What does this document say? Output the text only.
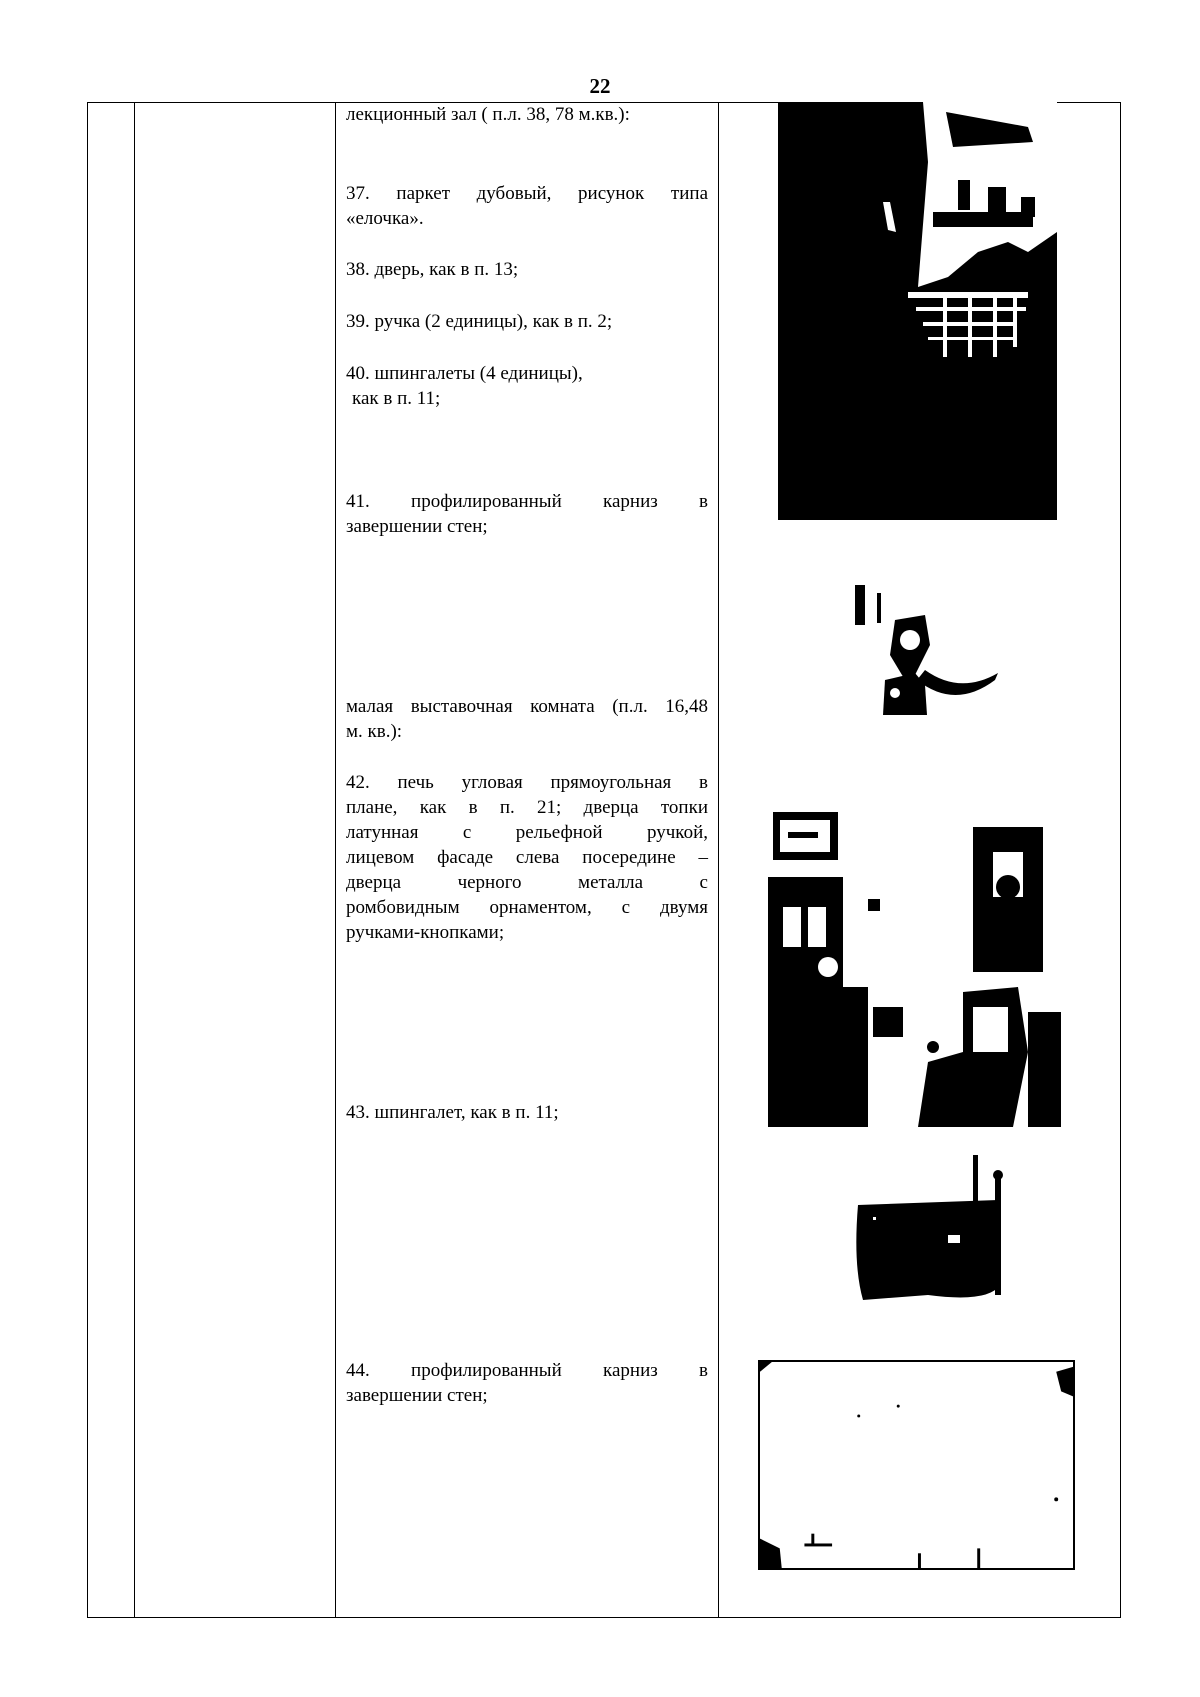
22
лекционный зал ( п.л. 38, 78 м.кв.):
37. паркет дубовый, рисунок типа
«елочка».
38. дверь, как в п. 13;
39. ручка (2 единицы), как в п. 2;
40. шпингалеты (4 единицы),
как в п. 11;
41. профилированный карниз в
завершении стен;
малая выставочная комната (п.л. 16,48
м. кв.):
42. печь угловая прямоугольная в
плане, как в п. 21; дверца топки
латунная с рельефной ручкой,
лицевом фасаде слева посередине –
дверца черного металла с
ромбовидным орнаментом, с двумя
ручками-кнопками;
43. шпингалет, как в п. 11;
44. профилированный карниз в
завершении стен;
